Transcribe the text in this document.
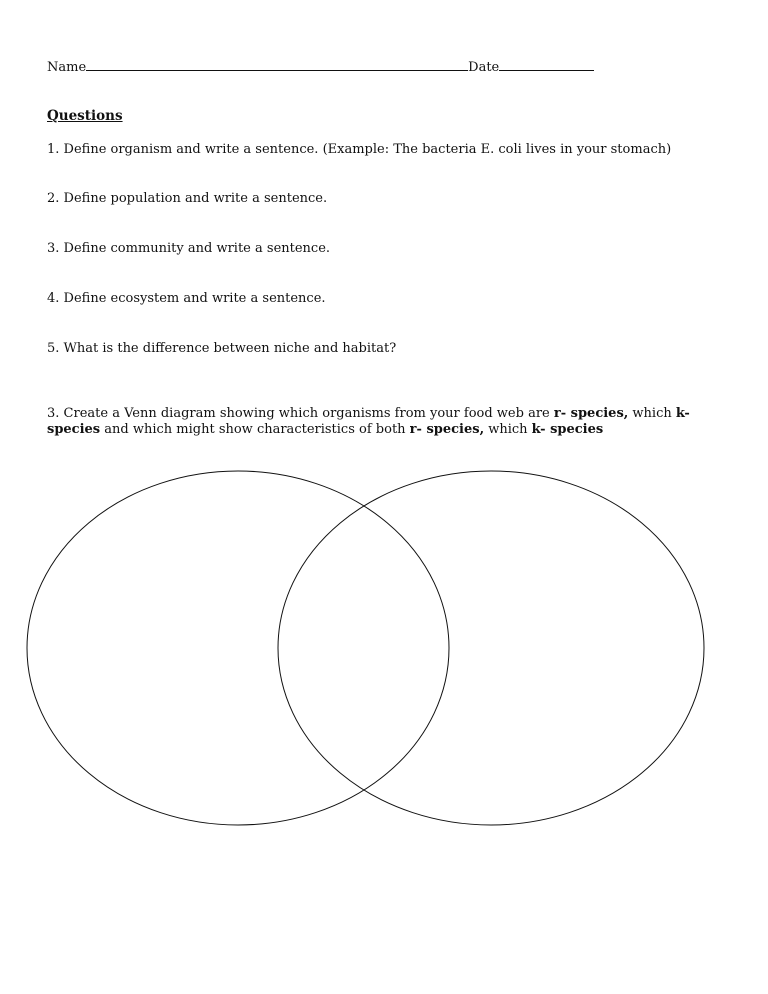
Name	Date
Questions
1. Define organism and write a sentence. (Example: The bacteria E. coli lives in your stomach)
2. Define population and write a sentence.
3. Define community and write a sentence.
4. Define ecosystem and write a sentence.
5. What is the difference between niche and habitat?
3. Create a Venn diagram showing which organisms from your food web are r- species, which k- species and which might show characteristics of both r- species, which k- species
